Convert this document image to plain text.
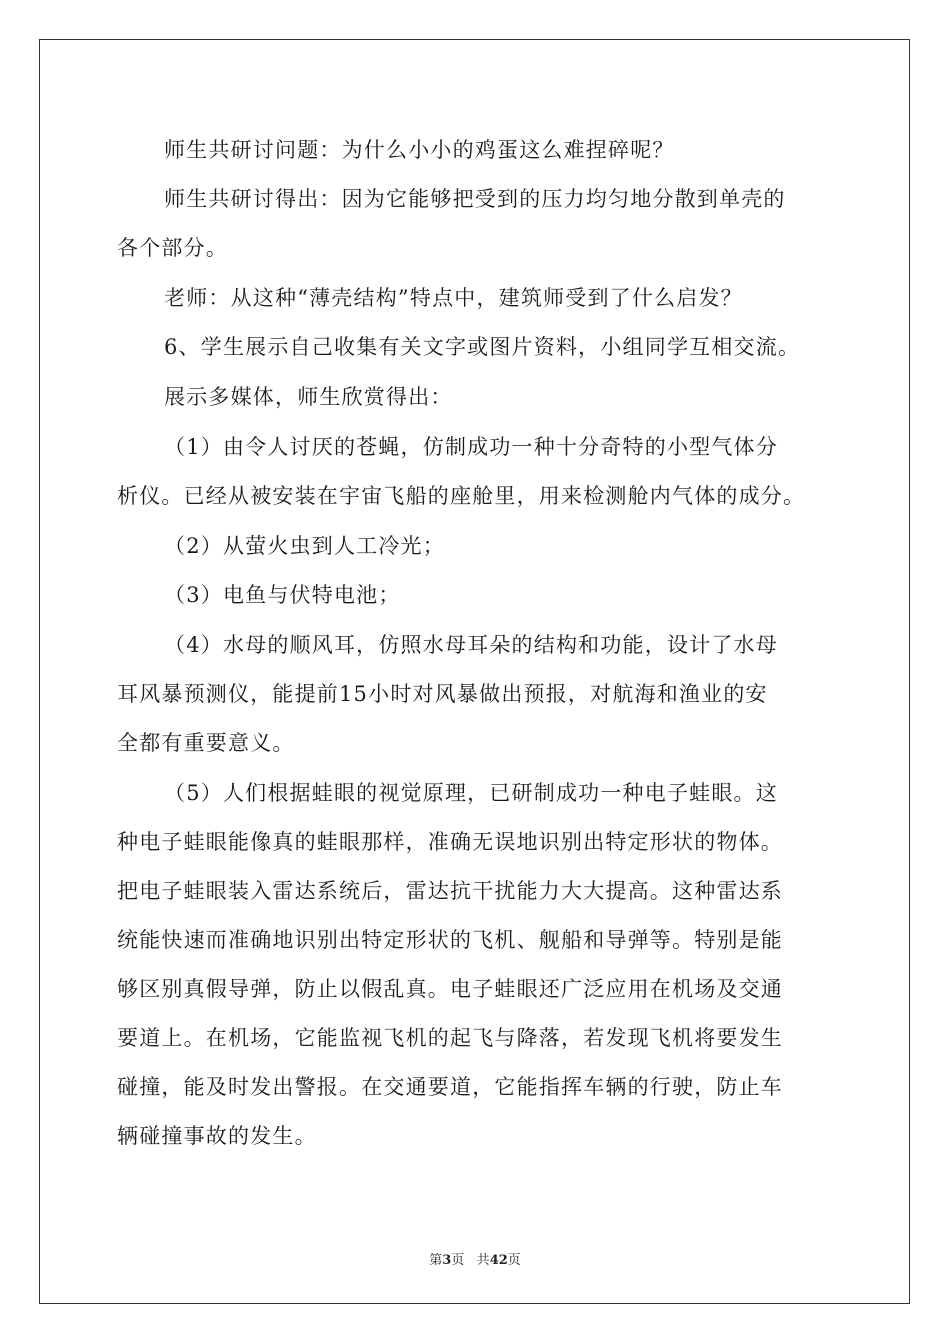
师生共研讨问题：为什么小小的鸡蛋这么难捏碎呢？

师生共研讨得出：因为它能够把受到的压力均匀地分散到单壳的
各个部分。

老师：从这种“薄壳结构”特点中，建筑师受到了什么启发？

6、学生展示自己收集有关文字或图片资料，小组同学互相交流。

展示多媒体，师生欣赏得出：

（1）由令人讨厌的苍蝇，仿制成功一种十分奇特的小型气体分
析仪。已经从被安装在宇宙飞船的座舱里，用来检测舱内气体的成分。

（2）从萤火虫到人工冷光；

（3）电鱼与伏特电池；

（4）水母的顺风耳，仿照水母耳朵的结构和功能，设计了水母
耳风暴预测仪，能提前15小时对风暴做出预报，对航海和渔业的安
全都有重要意义。

（5）人们根据蛙眼的视觉原理，已研制成功一种电子蛙眼。这
种电子蛙眼能像真的蛙眼那样，准确无误地识别出特定形状的物体。
把电子蛙眼装入雷达系统后，雷达抗干扰能力大大提高。这种雷达系
统能快速而准确地识别出特定形状的飞机、舰船和导弹等。特别是能
够区别真假导弹，防止以假乱真。电子蛙眼还广泛应用在机场及交通
要道上。在机场，它能监视飞机的起飞与降落，若发现飞机将要发生
碰撞，能及时发出警报。在交通要道，它能指挥车辆的行驶，防止车
辆碰撞事故的发生。

第3页 共42页
